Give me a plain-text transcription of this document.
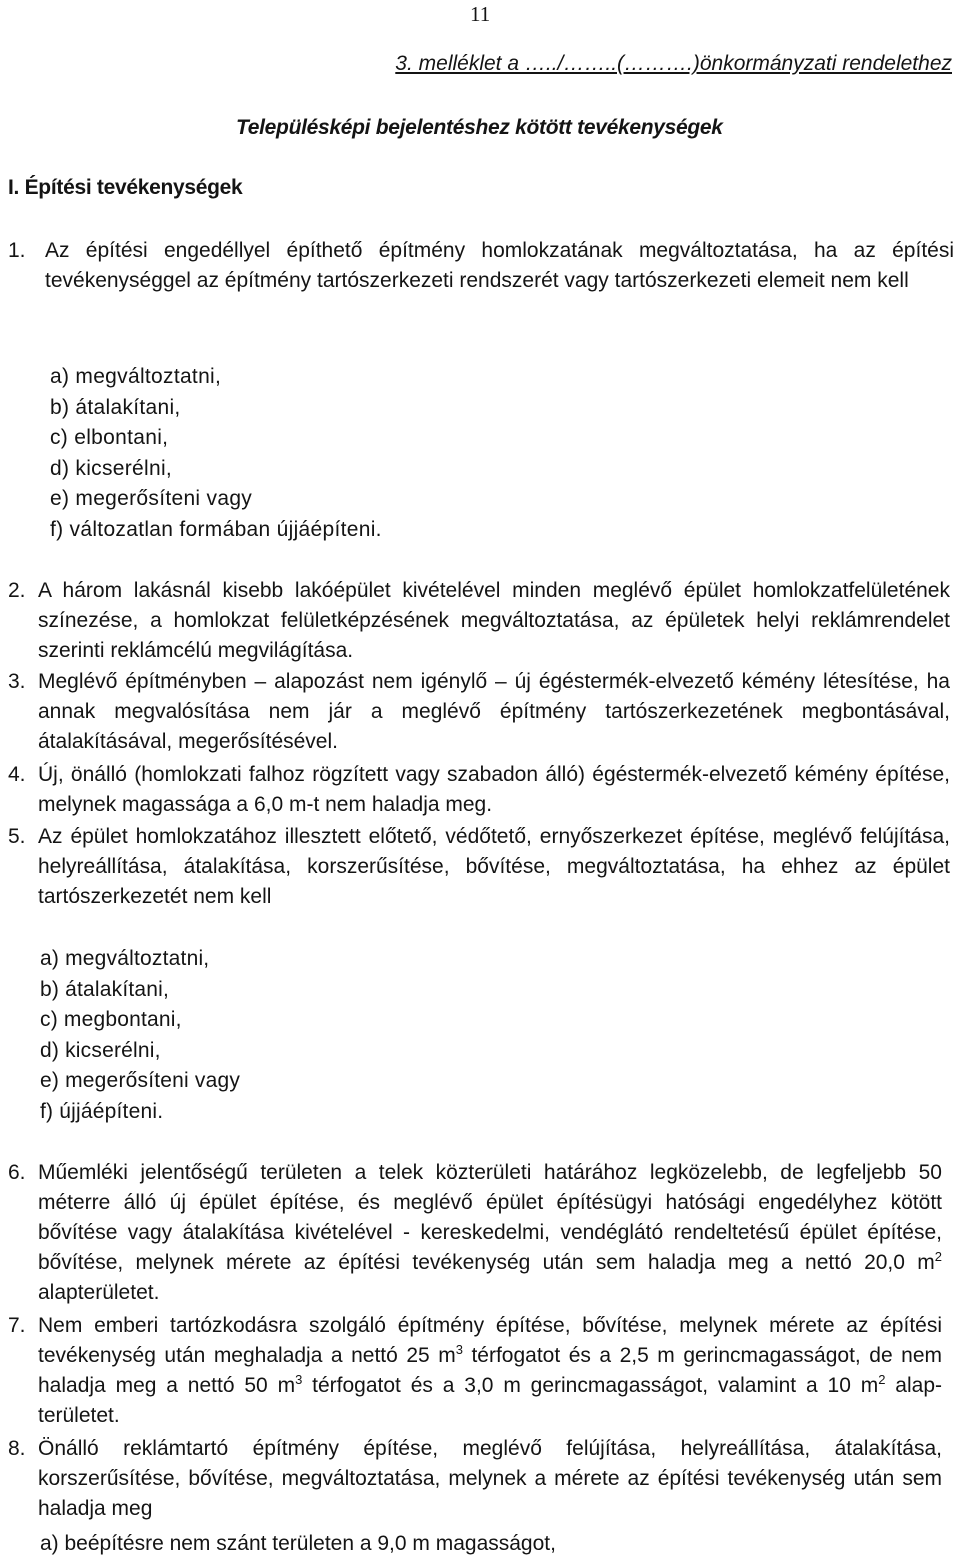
11
3. melléklet a …../……..(……….)önkormányzati rendelethez
Településképi bejelentéshez kötött tevékenységek
I. Építési tevékenységek
1. Az építési engedéllyel építhető építmény homlokzatának megváltoztatása, ha az építési tevékenységgel az építmény tartószerkezeti rendszerét vagy tartószerkezeti elemeit nem kell
a) megváltoztatni,
b) átalakítani,
c) elbontani,
d) kicserélni,
e) megerősíteni vagy
f) változatlan formában újjáépíteni.
2. A három lakásnál kisebb lakóépület kivételével minden meglévő épület homlokzatfelületének színezése, a homlokzat felületképzésének megváltoztatása, az épületek helyi reklámrendelet szerinti reklámcélú megvilágítása.
3. Meglévő építményben – alapozást nem igénylő – új égéstermék-elvezető kémény létesítése, ha annak megvalósítása nem jár a meglévő építmény tartószerkezetének megbontásával, átalakításával, megerősítésével.
4. Új, önálló (homlokzati falhoz rögzített vagy szabadon álló) égéstermék-elvezető kémény építése, melynek magassága a 6,0 m-t nem haladja meg.
5. Az épület homlokzatához illesztett előtető, védőtető, ernyőszerkezet építése, meglévő felújítása, helyreállítása, átalakítása, korszerűsítése, bővítése, megváltoztatása, ha ehhez az épület tartószerkezetét nem kell
a) megváltoztatni,
b) átalakítani,
c) megbontani,
d) kicserélni,
e) megerősíteni vagy
f) újjáépíteni.
6. Műemléki jelentőségű területen a telek közterületi határához legközelebb, de legfeljebb 50 méterre álló új épület építése, és meglévő épület építésügyi hatósági engedélyhez kötött bővítése vagy átalakítása kivételével - kereskedelmi, vendéglátó rendeltetésű épület építése, bővítése, melynek mérete az építési tevékenység után sem haladja meg a nettó 20,0 $m^2$ alapterületet.
7. Nem emberi tartózkodásra szolgáló építmény építése, bővítése, melynek mérete az építési tevékenység után meghaladja a nettó 25 $m^3$ térfogatot és a 2,5 m gerincmagasságot, de nem haladja meg a nettó 50 $m^3$ térfogatot és a 3,0 m gerincmagasságot, valamint a 10 $m^2$ alap- területet.
8. Önálló reklámtartó építmény építése, meglévő felújítása, helyreállítása, átalakítása, korszerűsítése, bővítése, megváltoztatása, melynek a mérete az építési tevékenység után sem haladja meg
a) beépítésre nem szánt területen a 9,0 m magasságot,
